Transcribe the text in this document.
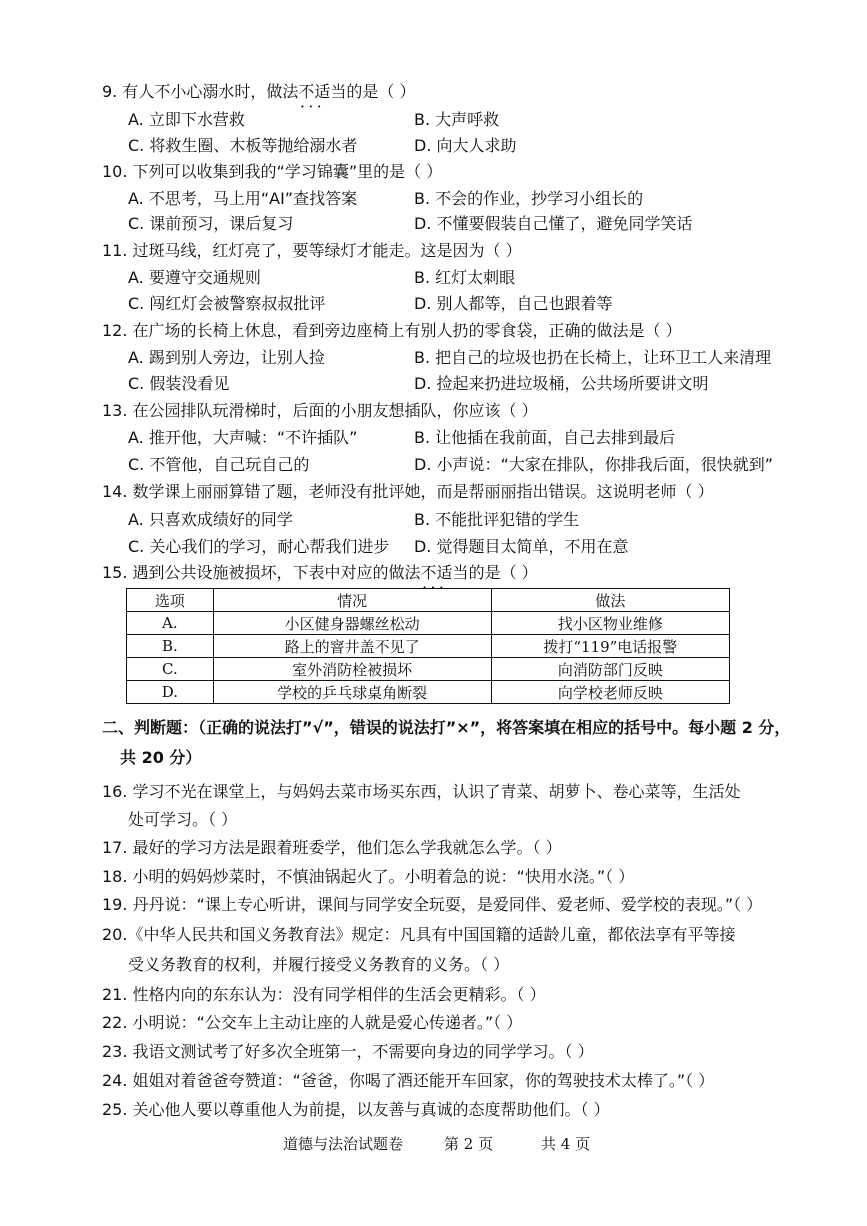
9. 有人不小心溺水时，做法不适当 • • •的是（ ）
A. 立即下水营救	B. 大声呼救
C. 将救生圈、木板等抛给溺水者	D. 向大人求助
10. 下列可以收集到我的“学习锦囊”里的是（ ）
A. 不思考，马上用“AI”查找答案	B. 不会的作业，抄学习小组长的
C. 课前预习，课后复习	D. 不懂要假装自己懂了，避免同学笑话
11. 过斑马线，红灯亮了，要等绿灯才能走。这是因为（ ）
A. 要遵守交通规则	B. 红灯太刺眼
C. 闯红灯会被警察叔叔批评	D. 别人都等，自己也跟着等
12. 在广场的长椅上休息，看到旁边座椅上有别人扔的零食袋，正确的做法是（ ）
A. 踢到别人旁边，让别人捡	B. 把自己的垃圾也扔在长椅上，让环卫工人来清理
C. 假装没看见	D. 捡起来扔进垃圾桶，公共场所要讲文明
13. 在公园排队玩滑梯时，后面的小朋友想插队，你应该（ ）
A. 推开他，大声喊：“不许插队”	B. 让他插在我前面，自己去排到最后
C. 不管他，自己玩自己的	D. 小声说：“大家在排队，你排我后面，很快就到”
14. 数学课上丽丽算错了题，老师没有批评她，而是帮丽丽指出错误。这说明老师（ ）
A. 只喜欢成绩好的同学	B. 不能批评犯错的学生
C. 关心我们的学习，耐心帮我们进步 D. 觉得题目太简单，不用在意
15. 遇到公共设施被损坏，下表中对应的做法不适当 • • •的是（ ）
选项	情况	做法
A.	小区健身器螺丝松动	找小区物业维修
B.	路上的窨井盖不见了	拨打“119”电话报警
C.	室外消防栓被损坏	向消防部门反映
D.	学校的乒乓球桌角断裂	向学校老师反映
二、判断题：（正确的说法打”√”，错误的说法打”×”，将答案填在相应的括号中。每小题 2 分，
共 20 分）
16. 学习不光在课堂上，与妈妈去菜市场买东西，认识了青菜、胡萝卜、卷心菜等，生活处
处可学习。（ ）
17. 最好的学习方法是跟着班委学，他们怎么学我就怎么学。（ ）
18. 小明的妈妈炒菜时，不慎油锅起火了。小明着急的说：“快用水浇。”（ ）
19. 丹丹说：“课上专心听讲，课间与同学安全玩耍，是爱同伴、爱老师、爱学校的表现。”（ ）
20.《中华人民共和国义务教育法》规定：凡具有中国国籍的适龄儿童，都依法享有平等接
受义务教育的权利，并履行接受义务教育的义务。（ ）
21. 性格内向的东东认为：没有同学相伴的生活会更精彩。（ ）
22. 小明说：“公交车上主动让座的人就是爱心传递者。”（ ）
23. 我语文测试考了好多次全班第一，不需要向身边的同学学习。（ ）
24. 姐姐对着爸爸夸赞道：“爸爸，你喝了酒还能开车回家，你的驾驶技术太棒了。”（ ）
25. 关心他人要以尊重他人为前提，以友善与真诚的态度帮助他们。（ ）
道德与法治试题卷	第 2 页	共 4 页
